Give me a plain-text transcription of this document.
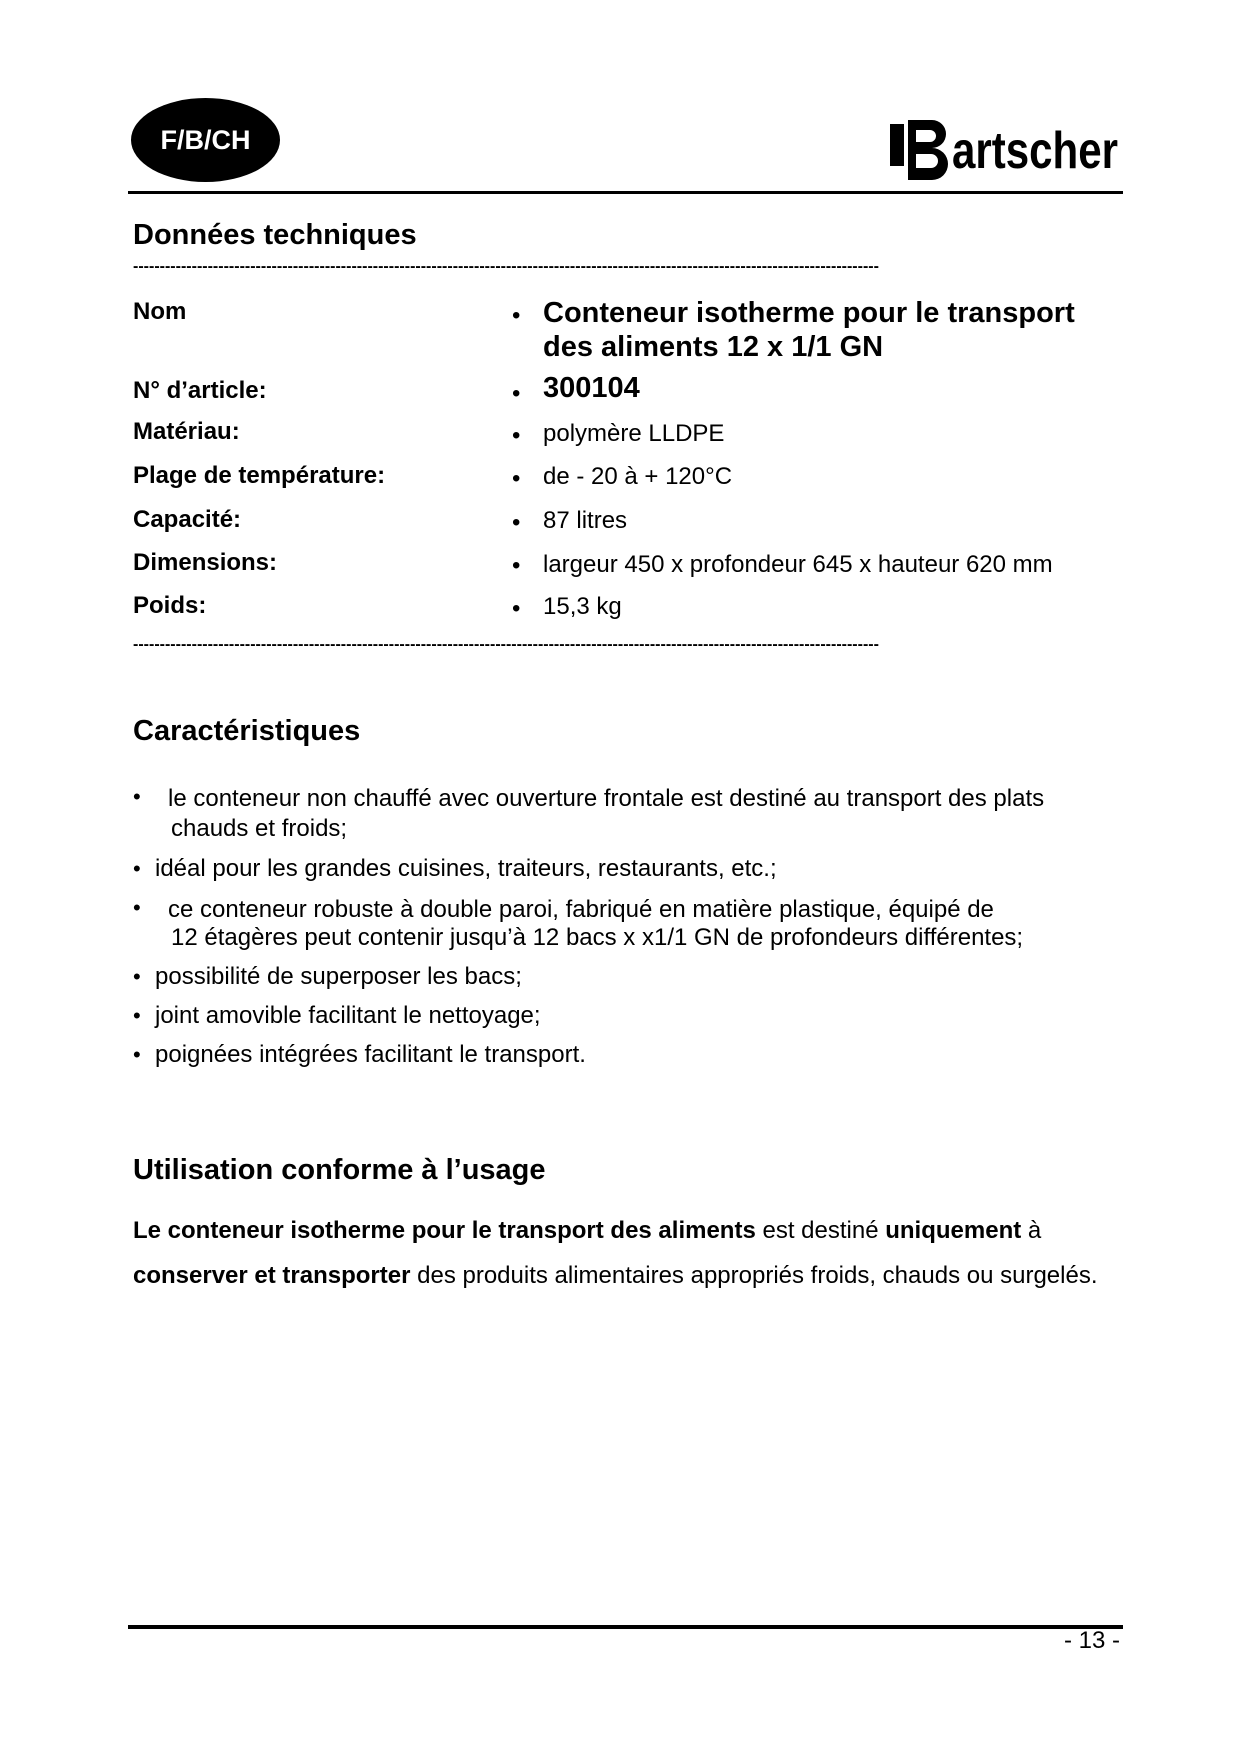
F/B/CH	artscher
Données techniques
--------------------------------------------------------------------------------------------------------------------------------------------
Nom	• Conteneur isotherme pour le transport
des aliments 12 x 1/1 GN
N° d’article:	• 300104
Matériau:	• polymère LLDPE
Plage de température:	• de - 20 à + 120°C
Capacité:	• 87 litres
Dimensions:	• largeur 450 x profondeur 645 x hauteur 620 mm
Poids:	• 15,3 kg
--------------------------------------------------------------------------------------------------------------------------------------------
Caractéristiques
• le conteneur non chauffé avec ouverture frontale est destiné au transport des plats
chauds et froids;
• idéal pour les grandes cuisines, traiteurs, restaurants, etc.;
• ce conteneur robuste à double paroi, fabriqué en matière plastique, équipé de
12 étagères peut contenir jusqu’à 12 bacs x x1/1 GN de profondeurs différentes;
• possibilité de superposer les bacs;
• joint amovible facilitant le nettoyage;
• poignées intégrées facilitant le transport.
Utilisation conforme à l’usage
Le conteneur isotherme pour le transport des aliments est destiné uniquement à conserver et transporter des produits alimentaires appropriés froids, chauds ou surgelés.
- 13 -
